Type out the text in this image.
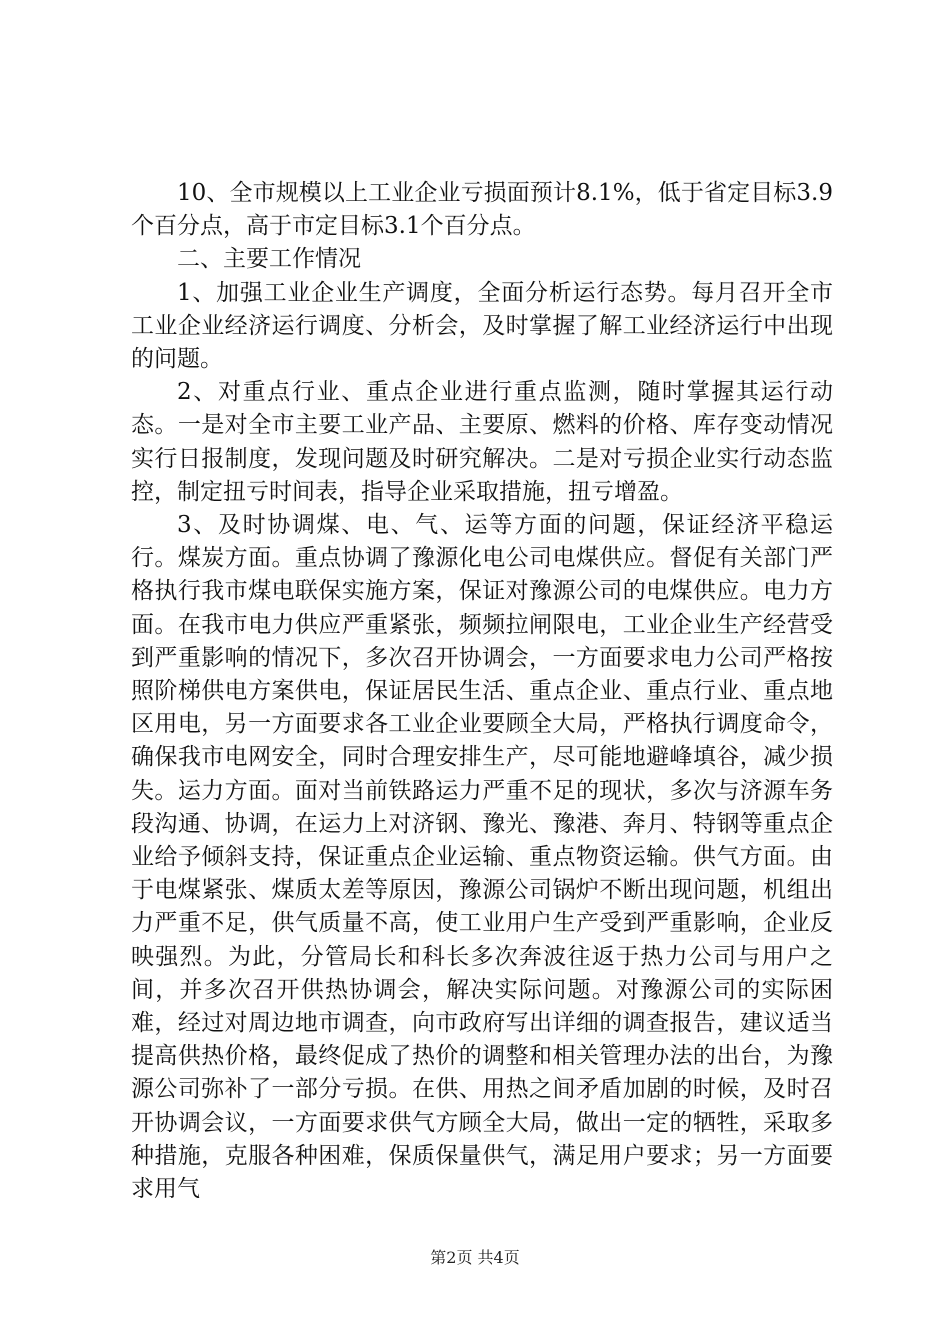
10、全市规模以上工业企业亏损面预计8.1%，低于省定目标3.9个百分点，高于市定目标3.1个百分点。

二、主要工作情况

1、加强工业企业生产调度，全面分析运行态势。每月召开全市工业企业经济运行调度、分析会，及时掌握了解工业经济运行中出现的问题。

2、对重点行业、重点企业进行重点监测，随时掌握其运行动态。一是对全市主要工业产品、主要原、燃料的价格、库存变动情况实行日报制度，发现问题及时研究解决。二是对亏损企业实行动态监控，制定扭亏时间表，指导企业采取措施，扭亏增盈。

3、及时协调煤、电、气、运等方面的问题，保证经济平稳运行。煤炭方面。重点协调了豫源化电公司电煤供应。督促有关部门严格执行我市煤电联保实施方案，保证对豫源公司的电煤供应。电力方面。在我市电力供应严重紧张，频频拉闸限电，工业企业生产经营受到严重影响的情况下，多次召开协调会，一方面要求电力公司严格按照阶梯供电方案供电，保证居民生活、重点企业、重点行业、重点地区用电，另一方面要求各工业企业要顾全大局，严格执行调度命令，确保我市电网安全，同时合理安排生产，尽可能地避峰填谷，减少损失。运力方面。面对当前铁路运力严重不足的现状，多次与济源车务段沟通、协调，在运力上对济钢、豫光、豫港、奔月、特钢等重点企业给予倾斜支持，保证重点企业运输、重点物资运输。供气方面。由于电煤紧张、煤质太差等原因，豫源公司锅炉不断出现问题，机组出力严重不足，供气质量不高，使工业用户生产受到严重影响，企业反映强烈。为此，分管局长和科长多次奔波往返于热力公司与用户之间，并多次召开供热协调会，解决实际问题。对豫源公司的实际困难，经过对周边地市调查，向市政府写出详细的调查报告，建议适当提高供热价格，最终促成了热价的调整和相关管理办法的出台，为豫源公司弥补了一部分亏损。在供、用热之间矛盾加剧的时候，及时召开协调会议，一方面要求供气方顾全大局，做出一定的牺牲，采取多种措施，克服各种困难，保质保量供气，满足用户要求；另一方面要求用气

第2页 共4页
